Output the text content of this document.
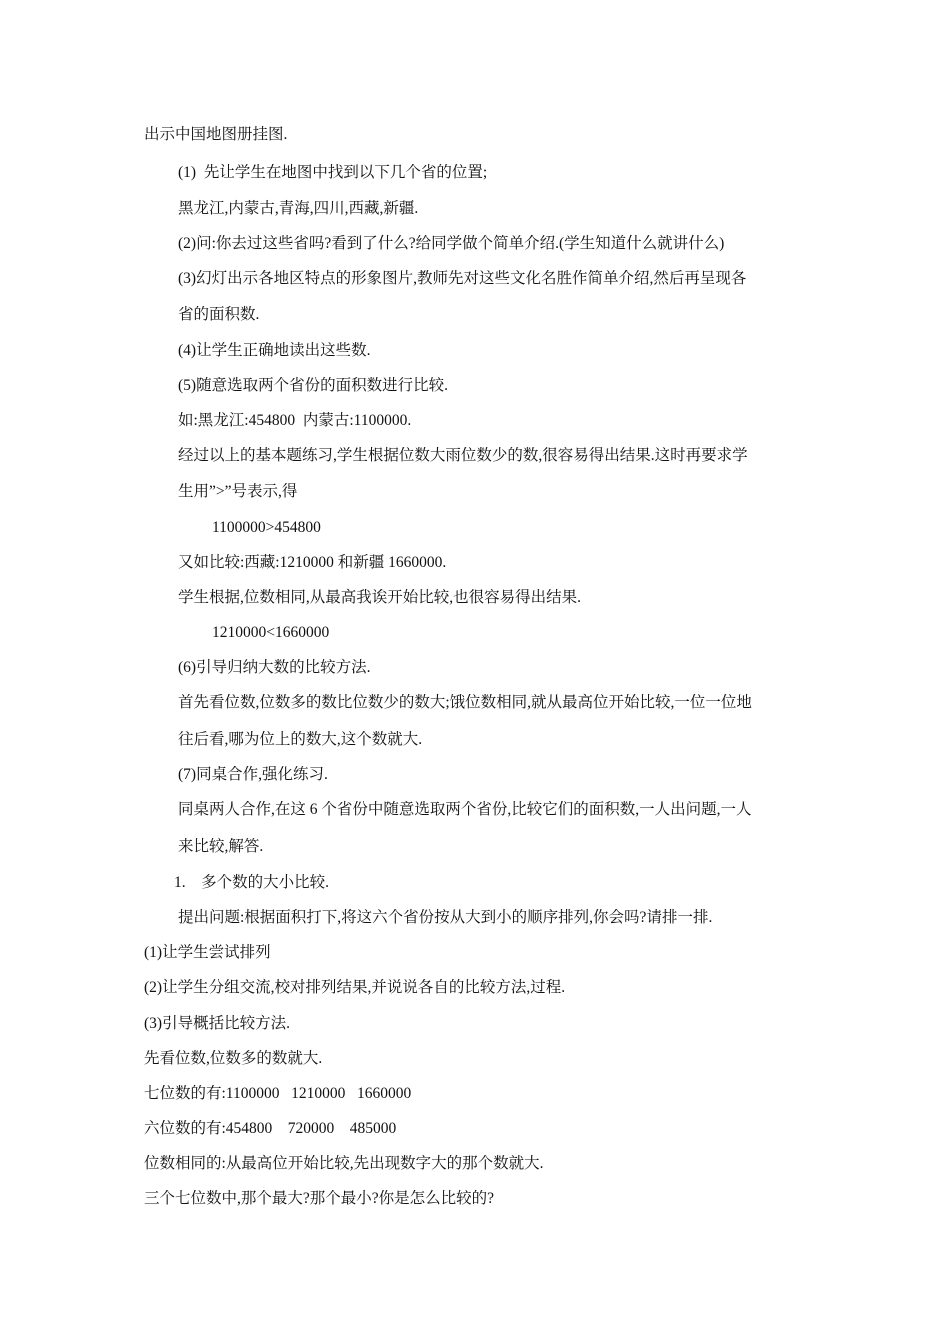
出示中国地图册挂图.
(1)  先让学生在地图中找到以下几个省的位置;
黑龙江,内蒙古,青海,四川,西藏,新疆.
(2)问:你去过这些省吗?看到了什么?给同学做个简单介绍.(学生知道什么就讲什么)
(3)幻灯出示各地区特点的形象图片,教师先对这些文化名胜作简单介绍,然后再呈现各
省的面积数.
(4)让学生正确地读出这些数.
(5)随意选取两个省份的面积数进行比较.
如:黑龙江:454800  内蒙古:1100000.
经过以上的基本题练习,学生根据位数大雨位数少的数,很容易得出结果.这时再要求学
生用”>”号表示,得
1100000>454800
又如比较:西藏:1210000 和新疆 1660000.
学生根据,位数相同,从最高我诶开始比较,也很容易得出结果.
1210000<1660000
(6)引导归纳大数的比较方法.
首先看位数,位数多的数比位数少的数大;饿位数相同,就从最高位开始比较,一位一位地
往后看,哪为位上的数大,这个数就大.
(7)同桌合作,强化练习.
同桌两人合作,在这 6 个省份中随意选取两个省份,比较它们的面积数,一人出问题,一人
来比较,解答.
1.    多个数的大小比较.
提出问题:根据面积打下,将这六个省份按从大到小的顺序排列,你会吗?请排一排.
(1)让学生尝试排列
(2)让学生分组交流,校对排列结果,并说说各自的比较方法,过程.
(3)引导概括比较方法.
先看位数,位数多的数就大.
七位数的有:1100000   1210000   1660000
六位数的有:454800    720000    485000
位数相同的:从最高位开始比较,先出现数字大的那个数就大.
三个七位数中,那个最大?那个最小?你是怎么比较的?
